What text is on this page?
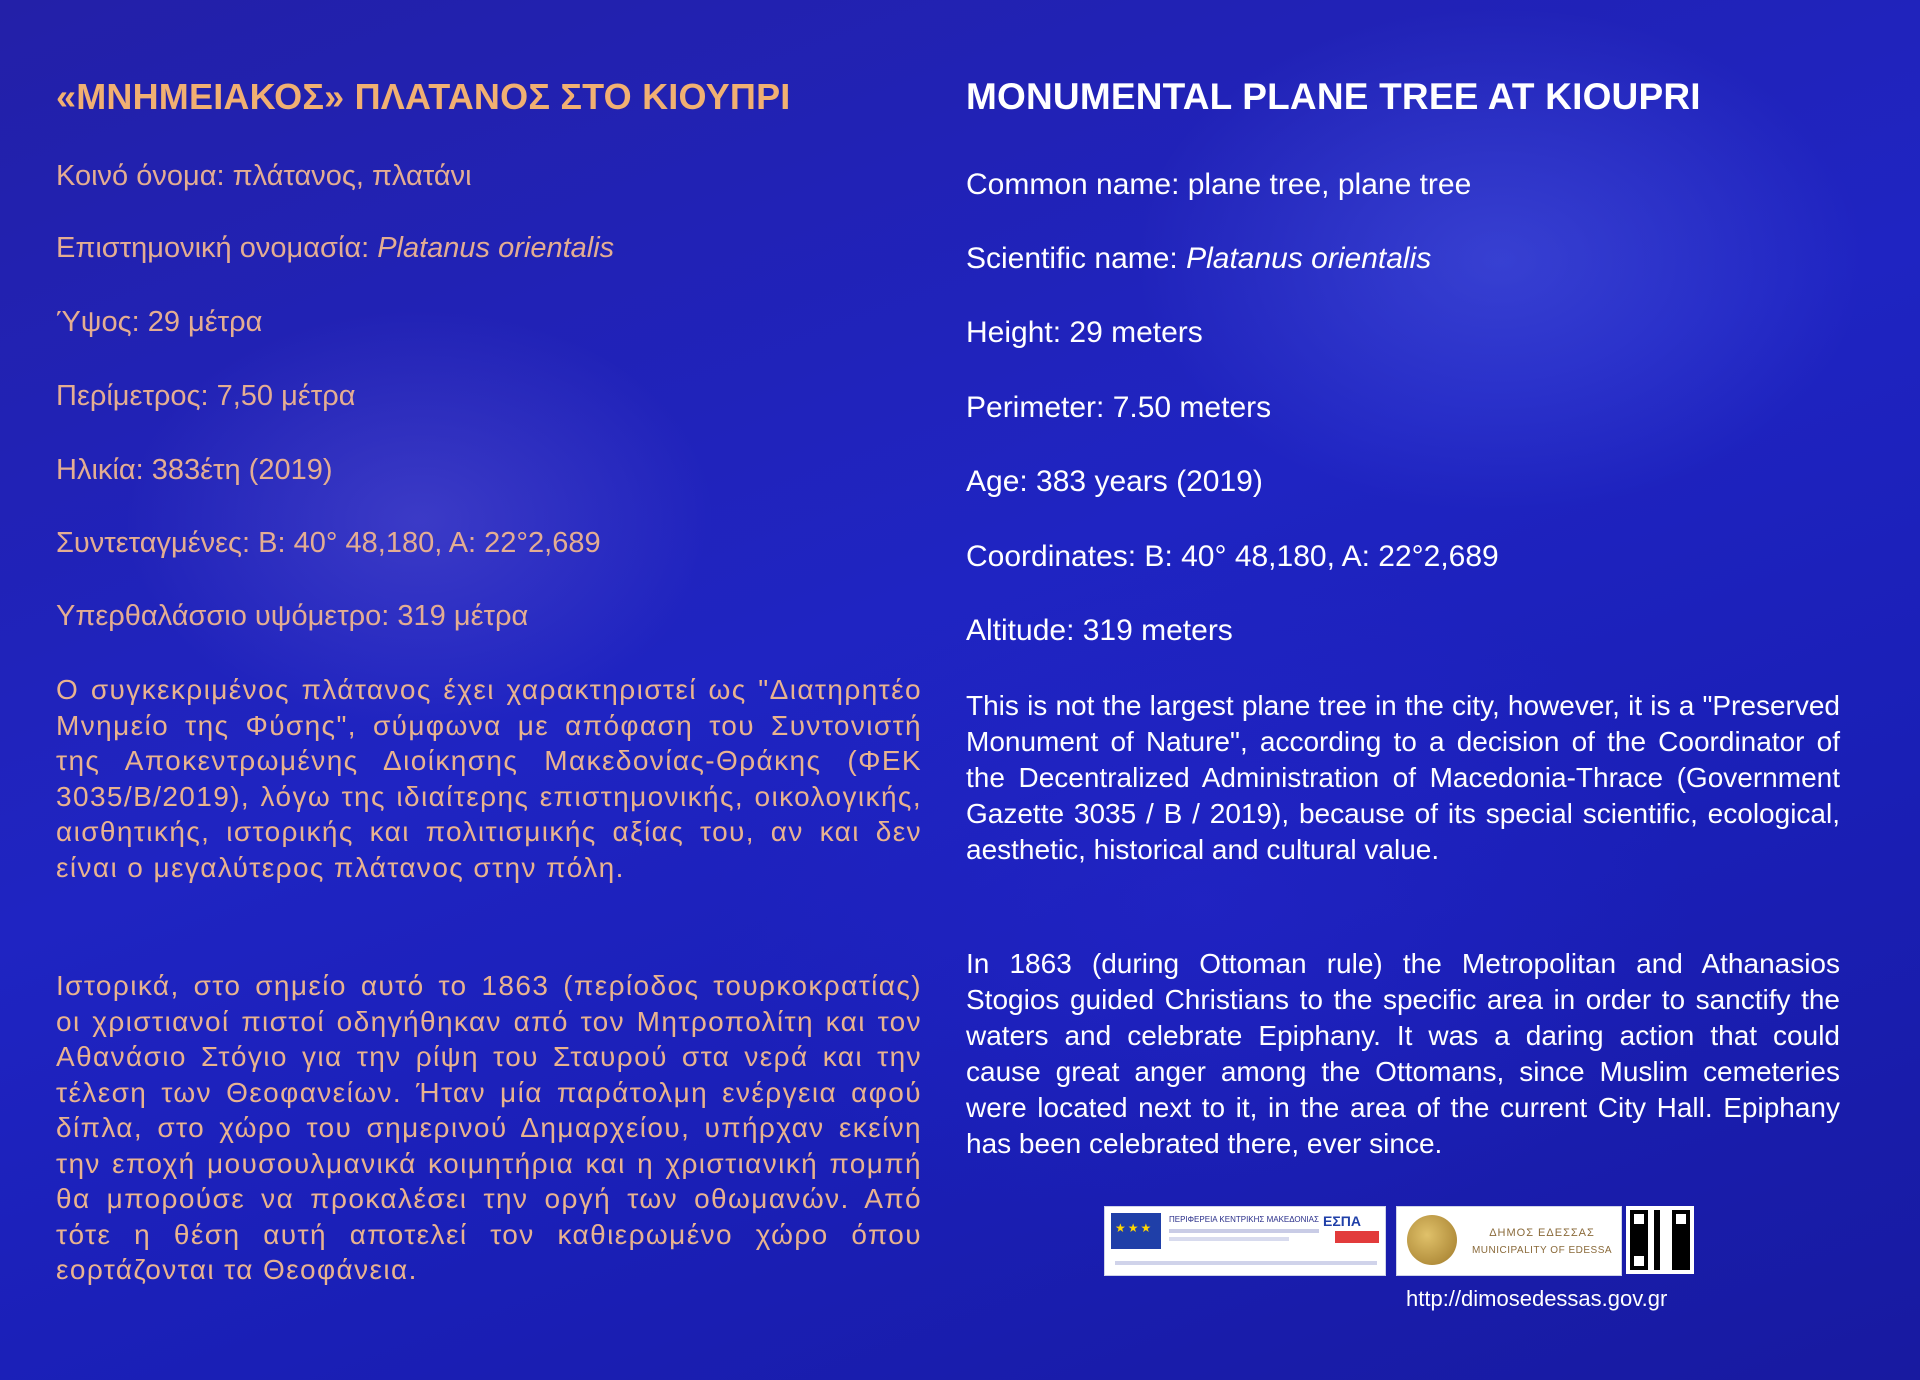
«ΜΝΗΜΕΙΑΚΟΣ» ΠΛΑΤΑΝΟΣ ΣΤΟ ΚΙΟΥΠΡΙ
Κοινό όνομα: πλάτανος, πλατάνι
Επιστημονική ονομασία: Platanus orientalis
Ύψος: 29 μέτρα
Περίμετρος: 7,50 μέτρα
Ηλικία: 383έτη (2019)
Συντεταγμένες: B: 40° 48,180, A: 22°2,689
Υπερθαλάσσιο υψόμετρο: 319 μέτρα
Ο συγκεκριμένος πλάτανος έχει χαρακτηριστεί ως "Διατηρητέο Μνημείο της Φύσης", σύμφωνα με απόφαση του Συντονιστή της Αποκεντρωμένης Διοίκησης Μακεδονίας-Θράκης (ΦΕΚ 3035/Β/2019), λόγω της ιδιαίτερης επιστημονικής, οικολογικής, αισθητικής, ιστορικής και πολιτισμικής αξίας του, αν και δεν είναι ο μεγαλύτερος πλάτανος στην πόλη.
Ιστορικά, στο σημείο αυτό το 1863 (περίοδος τουρκοκρατίας) οι χριστιανοί πιστοί οδηγήθηκαν από τον Μητροπολίτη και τον Αθανάσιο Στόγιο για την ρίψη του Σταυρού στα νερά και την τέλεση των Θεοφανείων. Ήταν μία παράτολμη ενέργεια αφού δίπλα, στο χώρο του σημερινού Δημαρχείου, υπήρχαν εκείνη την εποχή μουσουλμανικά κοιμητήρια και η χριστιανική πομπή θα μπορούσε να προκαλέσει την οργή των οθωμανών. Από τότε η θέση αυτή αποτελεί τον καθιερωμένο χώρο όπου εορτάζονται τα Θεοφάνεια.
MONUMENTAL PLANE TREE AT KIOUPRI
Common name: plane tree, plane tree
Scientific name: Platanus orientalis
Height: 29 meters
Perimeter: 7.50 meters
Age: 383 years (2019)
Coordinates: B: 40° 48,180, A: 22°2,689
Altitude: 319 meters
This is not the largest plane tree in the city, however, it is a "Preserved Monument of Nature", according to a decision of the Coordinator of the Decentralized Administration of Macedonia-Thrace (Government Gazette 3035 / B / 2019), because of its special scientific, ecological, aesthetic, historical and cultural value.
In 1863 (during Ottoman rule) the Metropolitan and Athanasios Stogios guided Christians to the specific area in order to sanctify the waters and celebrate Epiphany. It was a daring action that could cause great anger among the Ottomans, since Muslim cemeteries were located next to it, in the area of the current City Hall. Epiphany has been celebrated there, ever since.
★★★
ΠΕΡΙΦΕΡΕΙΑ ΚΕΝΤΡΙΚΗΣ ΜΑΚΕΔΟΝΙΑΣ ΕΣΠΑ
ΔΗΜΟΣ ΕΔΕΣΣΑΣ
MUNICIPALITY OF EDESSA
http://dimosedessas.gov.gr
